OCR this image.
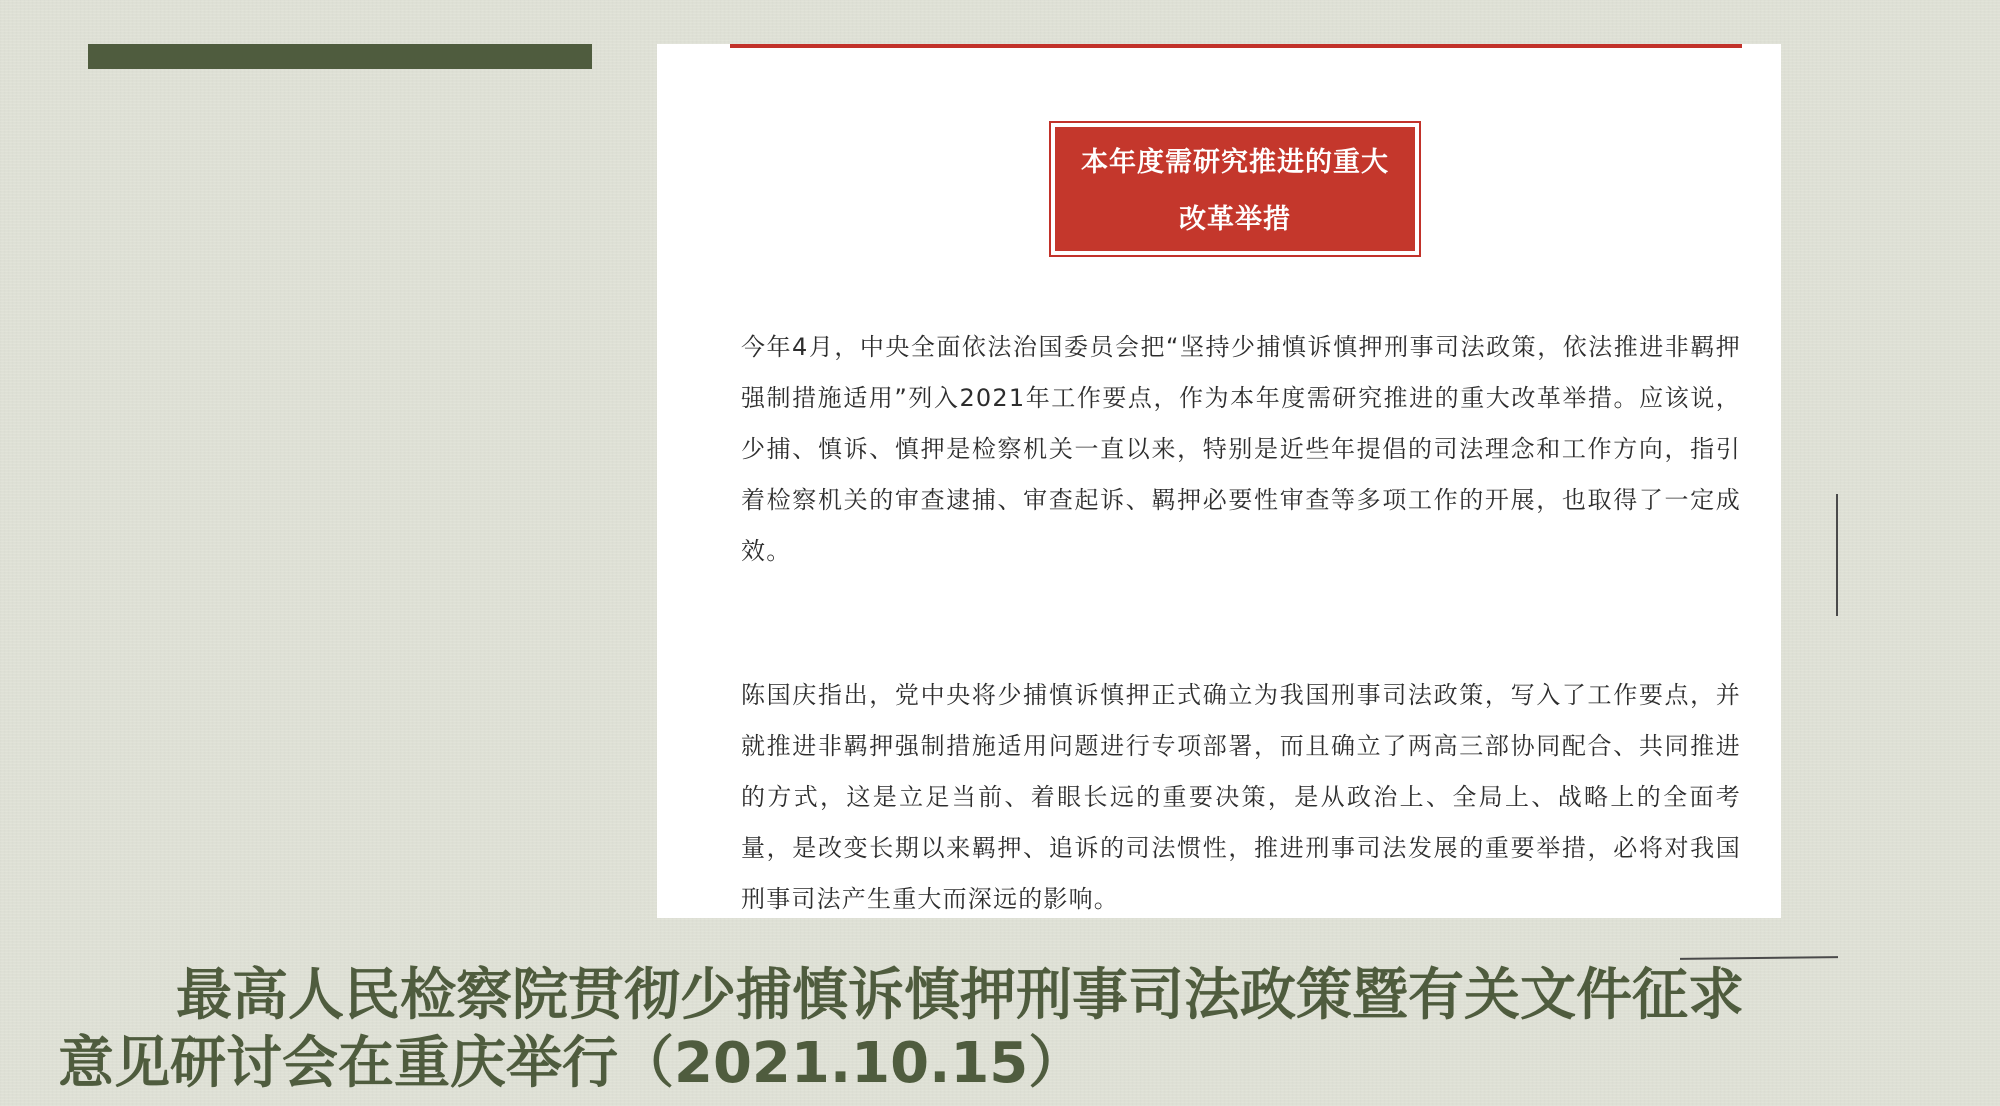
本年度需研究推进的重大
改革举措

今年4月，中央全面依法治国委员会把“坚持少捕慎诉慎押刑事司法政策，依法推进非羁押强制措施适用”列入2021年工作要点，作为本年度需研究推进的重大改革举措。应该说，少捕、慎诉、慎押是检察机关一直以来，特别是近些年提倡的司法理念和工作方向，指引着检察机关的审查逮捕、审查起诉、羁押必要性审查等多项工作的开展，也取得了一定成效。

陈国庆指出，党中央将少捕慎诉慎押正式确立为我国刑事司法政策，写入了工作要点，并就推进非羁押强制措施适用问题进行专项部署，而且确立了两高三部协同配合、共同推进的方式，这是立足当前、着眼长远的重要决策，是从政治上、全局上、战略上的全面考量，是改变长期以来羁押、追诉的司法惯性，推进刑事司法发展的重要举措，必将对我国刑事司法产生重大而深远的影响。

最高人民检察院贯彻少捕慎诉慎押刑事司法政策暨有关文件征求意见研讨会在重庆举行（2021.10.15）
